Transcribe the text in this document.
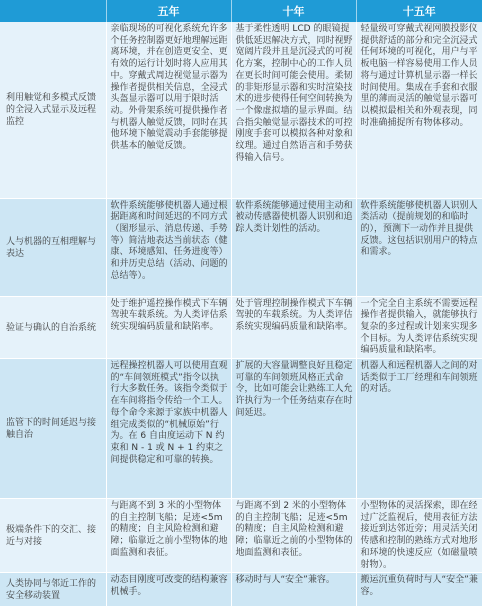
	五年	十年	十五年
利用触觉和多模式反馈的全浸入式显示及远程监控	亲临现场的可视化系统允许多个任务控制器更好地理解远距离环境，并在创造更安全、更有效的运行计划时将人应用其中。穿戴式周边视觉显示器为操作者提供相关信息，全浸式头盔显示器可以用于限时活动。外骨架系统可提供操作者与机器人触觉反馈，同时在其他环境下触觉震动手套能够提供基本的触觉反馈。	基于柔性透明 LCD 的眼镜提供低延迟解决方式，同时视野宽阔片段并且是沉浸式的可视化方案，控制中心的工作人员在更长时间可能会使用。柔韧的非矩形显示器和实时渲染技术的进步使得任何空间转换为一个像虚拟墙的显示界面。结合指尖触觉显示器技术的可控刚度手套可以模拟各种对象和纹理。通过自然语言和手势获得输入信号。	轻量级可穿戴式视网膜投影仪提供舒适的部分和完全沉浸式任何环境的可视化，用户与平板电脑一样容易使用工作人员将与通过计算机显示器一样长时间使用。集成在手套和衣服里的薄而灵活的触觉显示器可以模拟最相关和外观表现，同时准确捕捉所有物体移动。
人与机器的互相理解与表达	软件系统能够使机器人通过根据距离和时间延迟的不同方式（图形显示、消息传递、手势等）简洁地表达当前状态（健康、环境感知、任务进度等）和并历史总结（活动、问题的总结等）。	软件系统能够通过使用主动和被动传感器使机器人识别和追踪人类计划性的活动。	软件系统能够使机器人识别人类活动（提前规划的和临时的），预测下一动作并且提供反馈。这包括识别用户的特点和需求。
验证与确认的自治系统	处于维护遥控操作模式下车辆驾驶车载系统。为人类评估系统实现编码质量和缺陷率。	处于管理控制操作模式下车辆驾驶的车载系统。为人类评估系统实现编码质量和缺陷率。	一个完全自主系统不需要远程操作者提供输入，就能够执行复杂的多过程或计划来实现多个目标。为人类评估系统实现编码质量和缺陷率。
监管下的时间延迟与接触自治	远程操控机器人可以使用直观的“车间领班模式”指令以执行大多数任务。该指令类似于在车间将指令传给一个工人。每个命令来源于家族中机器人组完成类似的“机械原始”行为。在 6 自由度运动下 N 约束和 N - 1 或 N + 1 约束之间提供稳定和可靠的转换。	扩展的大容量调整良好且稳定可靠的车间领班风格正式命令，比如可能会让熟练工人允许执行为一个任务结束存在时间延迟。	机器人和远程机器人之间的对话类似于工厂经理和车间领班的对话。
极端条件下的交汇、接近与对接	与距离不到 3 米的小型物体的自主控制飞船；足迹<5m 的精度；自主风险检测和避障；临靠近之前小型物体的地面监测和表征。	与距离不到 2 米的小型物体的自主控制飞船；足迹<5m 的精度；自主风险检测和避障；临靠近之前的小型物体的地面监测和表征。	小型物体的灵活探索，即在经过广泛监视后，使用表征方法接近到达邻近旁；用灵活关闭传感和控制的熟练方式对地形和环境的快速反应（如磁量喷射物）。
人类协同与邻近工作的安全移动装置	动态目刚度可改变的结构兼容机械手。	移动时与人“安全”兼容。	搬运沉重负荷时与人“安全”兼容。
